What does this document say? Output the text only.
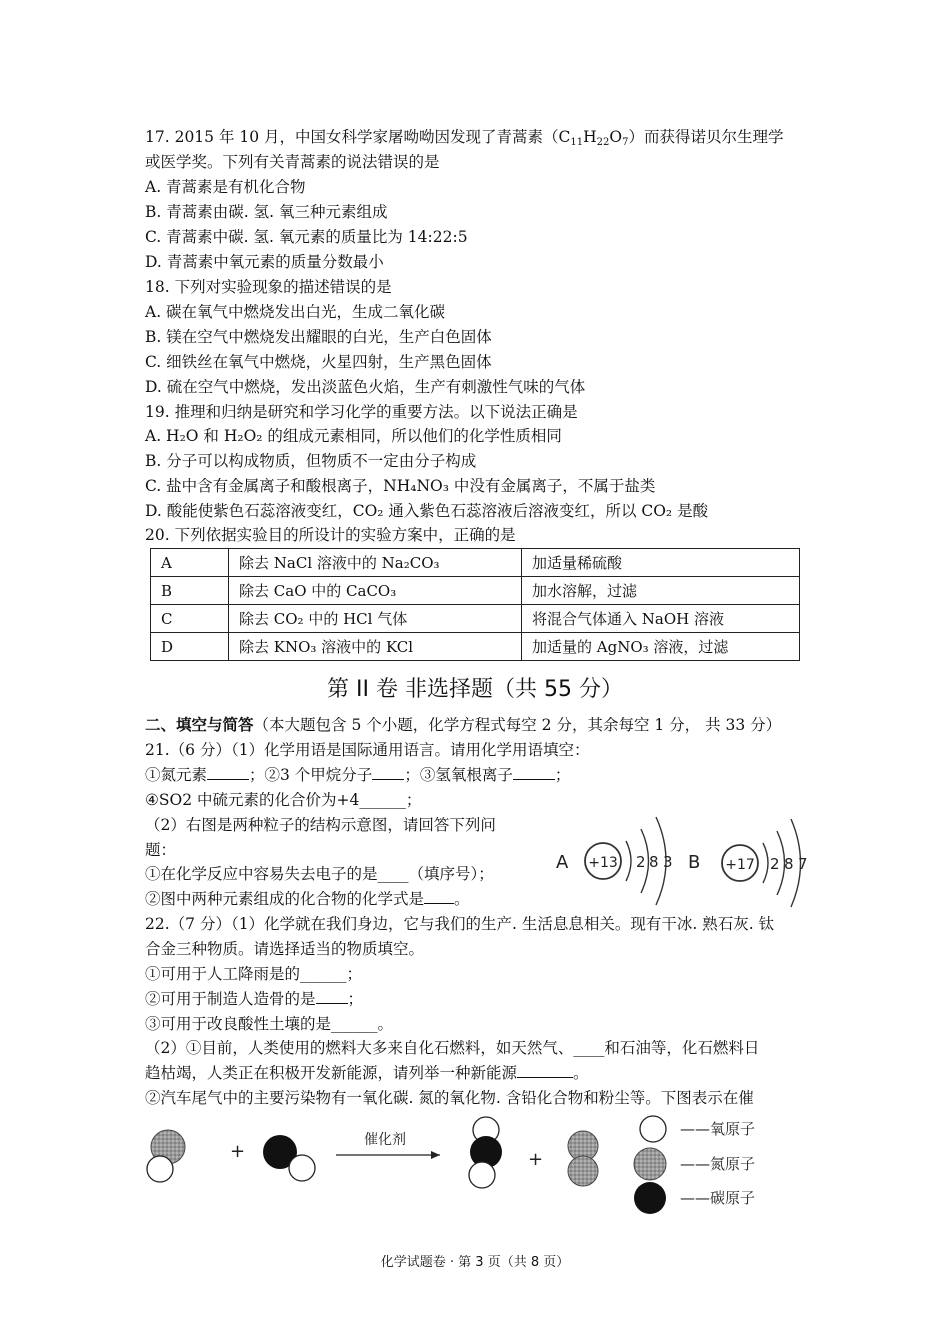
17. 2015 年 10 月，中国女科学家屠呦呦因发现了青蒿素$(C_{11}H_{22}O_7)$而获得诺贝尔生理学
或医学奖。下列有关青蒿素的说法错误的是
A. 青蒿素是有机化合物
B. 青蒿素由碳. 氢. 氧三种元素组成
C. 青蒿素中碳. 氢. 氧元素的质量比为 14:22:5
D. 青蒿素中氧元素的质量分数最小
18. 下列对实验现象的描述错误的是
A. 碳在氧气中燃烧发出白光，生成二氧化碳
B. 镁在空气中燃烧发出耀眼的白光，生产白色固体
C. 细铁丝在氧气中燃烧，火星四射，生产黑色固体
D. 硫在空气中燃烧，发出淡蓝色火焰，生产有刺激性气味的气体
19. 推理和归纳是研究和学习化学的重要方法。以下说法正确是
A. H₂O 和 H₂O₂ 的组成元素相同，所以他们的化学性质相同
B. 分子可以构成物质，但物质不一定由分子构成
C. 盐中含有金属离子和酸根离子，NH₄NO₃ 中没有金属离子，不属于盐类
D. 酸能使紫色石蕊溶液变红，CO₂ 通入紫色石蕊溶液后溶液变红，所以 CO₂ 是酸
20. 下列依据实验目的所设计的实验方案中，正确的是
A	除去 NaCl 溶液中的 Na₂CO₃	加适量稀硫酸
B	除去 CaO 中的 CaCO₃	加水溶解，过滤
C	除去 CO₂ 中的 HCl 气体	将混合气体通入 NaOH 溶液
D	除去 KNO₃ 溶液中的 KCl	加适量的 AgNO₃ 溶液，过滤
第 II 卷 非选择题（共 55 分）
二、填空与简答（本大题包含 5 个小题，化学方程式每空 2 分，其余每空 1 分， 共 33 分）
21.（6 分）（1）化学用语是国际通用语言。请用化学用语填空：
①氮元素	；②3 个甲烷分子 ；③氢氧根离子	；
④SO2 中硫元素的化合价为+4______；
（2）右图是两种粒子的结构示意图，请回答下列问
题：
①在化学反应中容易失去电子的是____（填序号）；
②图中两种元素组成的化合物的化学式是 。
A +13 2 8 3 B +17 2 8 7
22.（7 分）（1）化学就在我们身边，它与我们的生产. 生活息息相关。现有干冰. 熟石灰. 钛
合金三种物质。请选择适当的物质填空。
①可用于人工降雨是的______；
②可用于制造人造骨的是 ；
③可用于改良酸性土壤的是______。
（2）①目前，人类使用的燃料大多来自化石燃料，如天然气、____和石油等，化石燃料日
趋枯竭，人类正在积极开发新能源，请列举一种新能源	。
②汽车尾气中的主要污染物有一氧化碳. 氮的氧化物. 含铅化合物和粉尘等。下图表示在催
+
催化剂
+
——氧原子
——氮原子
——碳原子
化学试题卷 · 第 3 页（共 8 页）
